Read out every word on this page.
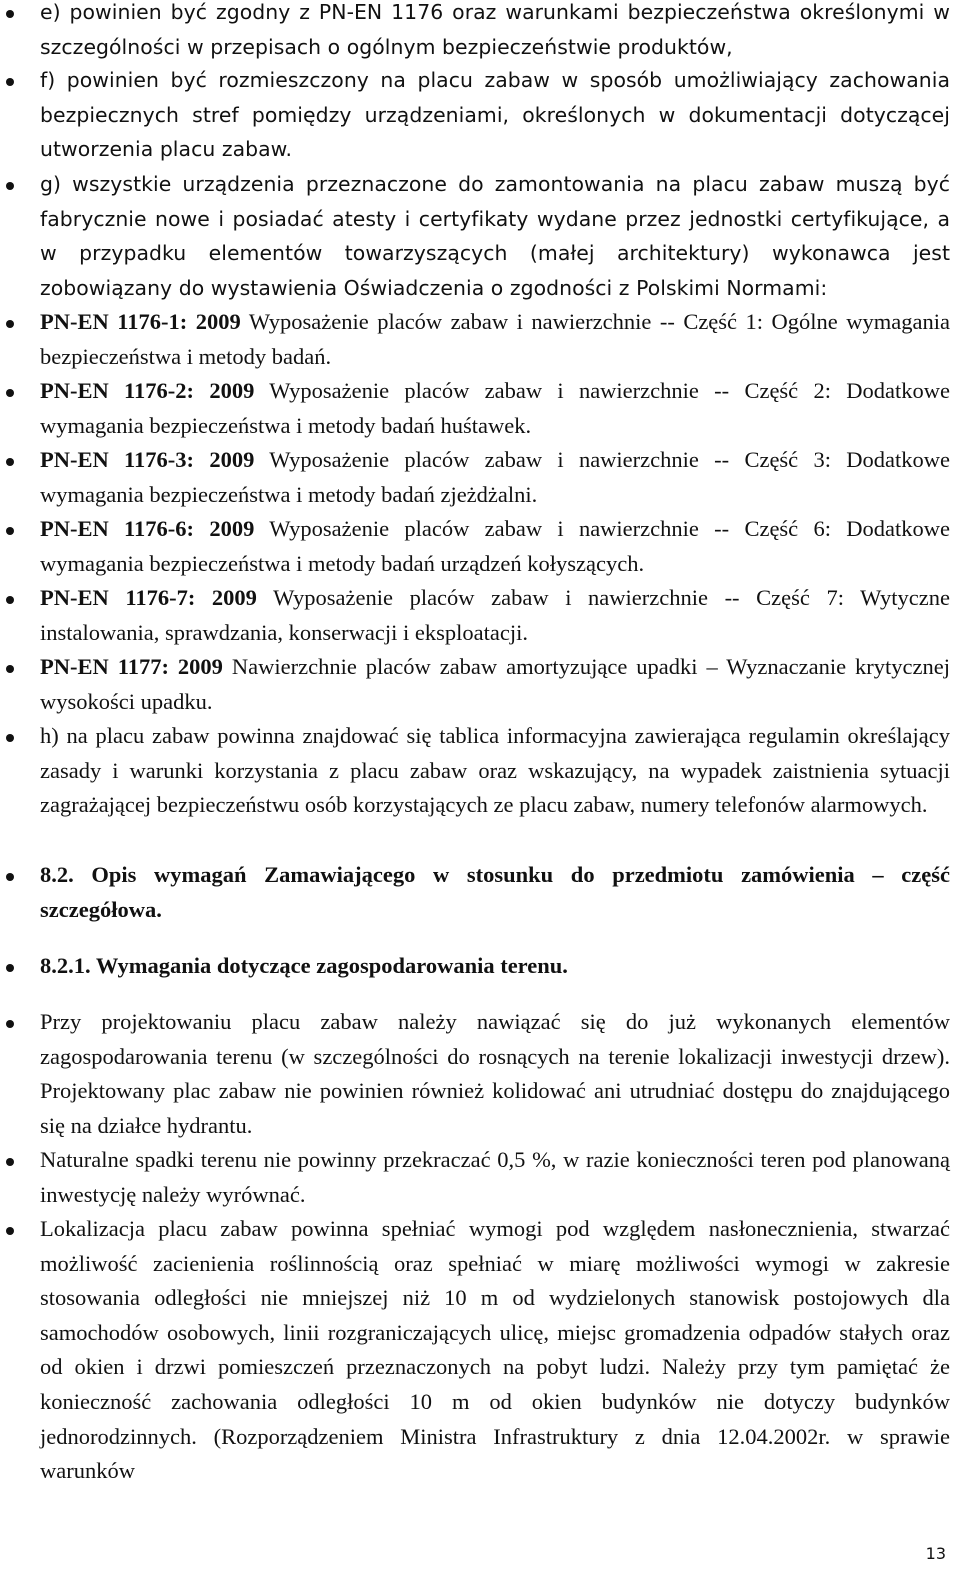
e) powinien być zgodny z PN-EN 1176 oraz warunkami bezpieczeństwa określonymi w szczególności w przepisach o ogólnym bezpieczeństwie produktów,
f) powinien być rozmieszczony na placu zabaw w sposób umożliwiający zachowania bezpiecznych stref pomiędzy urządzeniami, określonych w dokumentacji dotyczącej utworzenia placu zabaw.
g) wszystkie urządzenia przeznaczone do zamontowania na placu zabaw muszą być fabrycznie nowe i posiadać atesty i certyfikaty wydane przez jednostki certyfikujące, a w przypadku elementów towarzyszących (małej architektury) wykonawca jest zobowiązany do wystawienia Oświadczenia o zgodności z Polskimi Normami:
PN-EN 1176-1: 2009 Wyposażenie placów zabaw i nawierzchnie -- Część 1: Ogólne wymagania bezpieczeństwa i metody badań.
PN-EN 1176-2: 2009 Wyposażenie placów zabaw i nawierzchnie -- Część 2: Dodatkowe wymagania bezpieczeństwa i metody badań huśtawek.
PN-EN 1176-3: 2009 Wyposażenie placów zabaw i nawierzchnie -- Część 3: Dodatkowe wymagania bezpieczeństwa i metody badań zjeżdżalni.
PN-EN 1176-6: 2009 Wyposażenie placów zabaw i nawierzchnie -- Część 6: Dodatkowe wymagania bezpieczeństwa i metody badań urządzeń kołyszących.
PN-EN 1176-7: 2009 Wyposażenie placów zabaw i nawierzchnie -- Część 7: Wytyczne instalowania, sprawdzania, konserwacji i eksploatacji.
PN-EN 1177: 2009 Nawierzchnie placów zabaw amortyzujące upadki – Wyznaczanie krytycznej wysokości upadku.
h) na placu zabaw powinna znajdować się tablica informacyjna zawierająca regulamin określający zasady i warunki korzystania z placu zabaw oraz wskazujący, na wypadek zaistnienia sytuacji zagrażającej bezpieczeństwu osób korzystających ze placu zabaw, numery telefonów alarmowych.
8.2. Opis wymagań Zamawiającego w stosunku do przedmiotu zamówienia – część szczegółowa.
8.2.1. Wymagania dotyczące zagospodarowania terenu.
Przy projektowaniu placu zabaw należy nawiązać się do już wykonanych elementów zagospodarowania terenu (w szczególności do rosnących na terenie lokalizacji inwestycji drzew). Projektowany plac zabaw nie powinien również kolidować ani utrudniać dostępu do znajdującego się na działce hydrantu.
Naturalne spadki terenu nie powinny przekraczać 0,5 %, w razie konieczności teren pod planowaną inwestycję należy wyrównać.
Lokalizacja placu zabaw powinna spełniać wymogi pod względem nasłonecznienia, stwarzać możliwość zacienienia roślinnością oraz spełniać w miarę możliwości wymogi w zakresie stosowania odległości nie mniejszej niż 10 m od wydzielonych stanowisk postojowych dla samochodów osobowych, linii rozgraniczających ulicę, miejsc gromadzenia odpadów stałych oraz od okien i drzwi pomieszczeń przeznaczonych na pobyt ludzi. Należy przy tym pamiętać że konieczność zachowania odległości 10 m od okien budynków nie dotyczy budynków jednorodzinnych. (Rozporządzeniem Ministra Infrastruktury z dnia 12.04.2002r. w sprawie warunków
13
